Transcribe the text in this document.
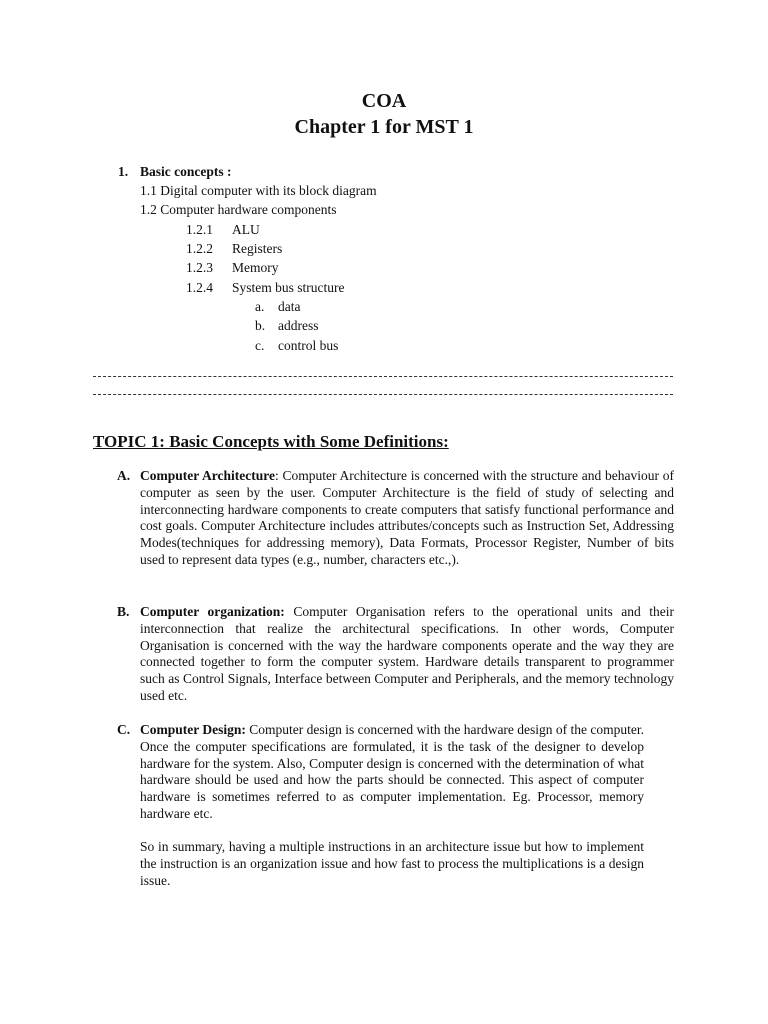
COA
Chapter 1 for MST 1
1. Basic concepts :
1.1 Digital computer with its block diagram
1.2 Computer hardware components
1.2.1 ALU
1.2.2 Registers
1.2.3 Memory
1.2.4 System bus structure
a. data
b. address
c. control bus
TOPIC 1: Basic Concepts with Some Definitions:
A. Computer Architecture: Computer Architecture is concerned with the structure and behaviour of computer as seen by the user. Computer Architecture is the field of study of selecting and interconnecting hardware components to create computers that satisfy functional performance and cost goals. Computer Architecture includes attributes/concepts such as Instruction Set, Addressing Modes(techniques for addressing memory), Data Formats, Processor Register, Number of bits used to represent data types (e.g., number, characters etc.,).
B. Computer organization: Computer Organisation refers to the operational units and their interconnection that realize the architectural specifications. In other words, Computer Organisation is concerned with the way the hardware components operate and the way they are connected together to form the computer system. Hardware details transparent to programmer such as Control Signals, Interface between Computer and Peripherals, and the memory technology used etc.
C. Computer Design: Computer design is concerned with the hardware design of the computer. Once the computer specifications are formulated, it is the task of the designer to develop hardware for the system. Also, Computer design is concerned with the determination of what hardware should be used and how the parts should be connected. This aspect of computer hardware is sometimes referred to as computer implementation. Eg. Processor, memory hardware etc.
So in summary, having a multiple instructions in an architecture issue but how to implement the instruction is an organization issue and how fast to process the multiplications is a design issue.
